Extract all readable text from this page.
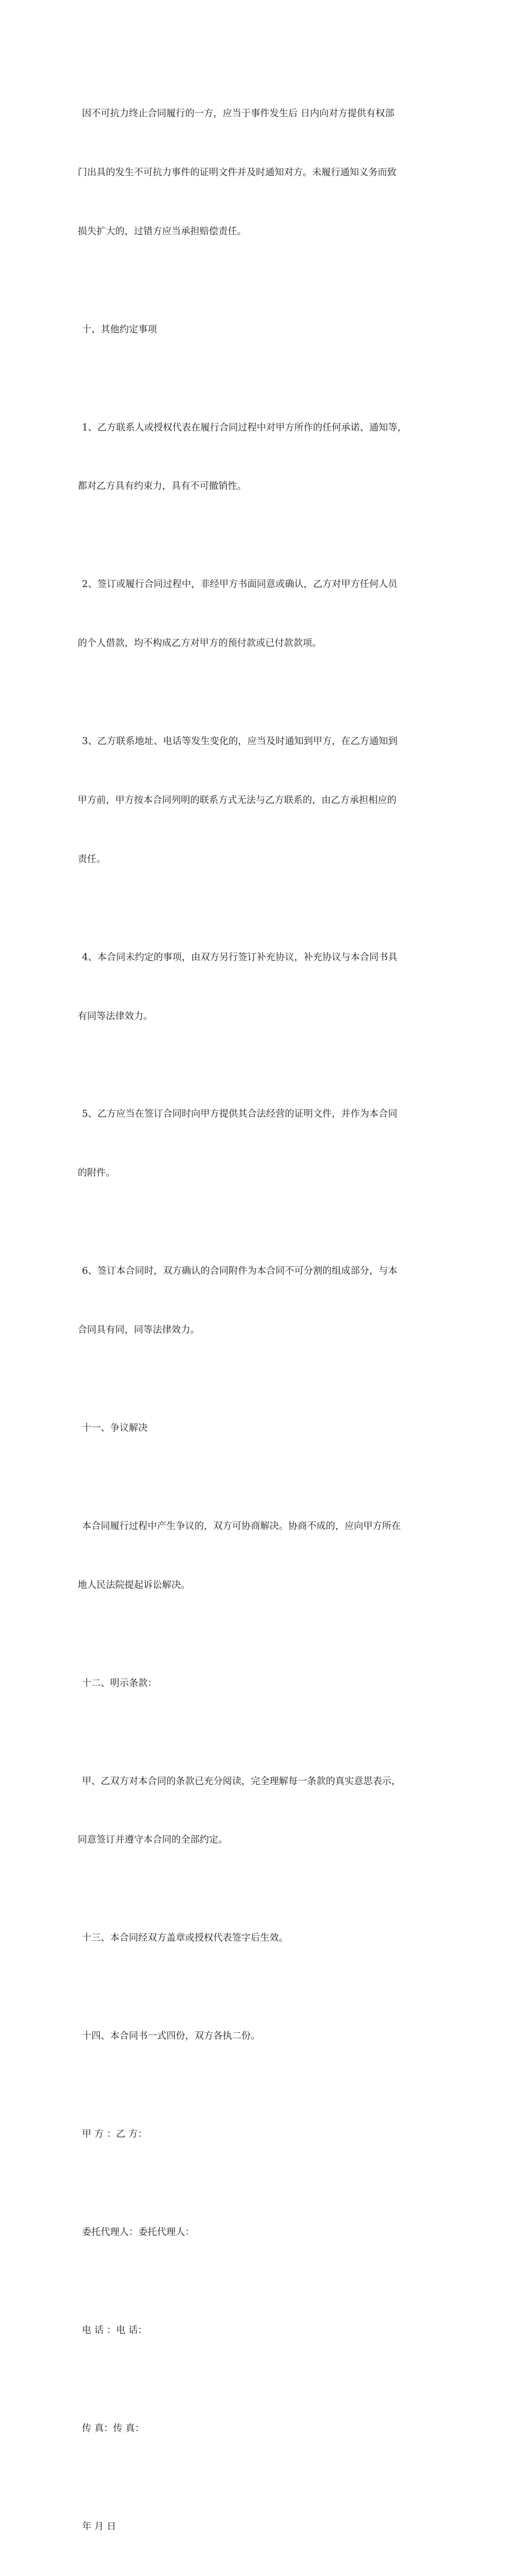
因不可抗力终止合同履行的一方，应当于事件发生后 日内向对方提供有权部

门出具的发生不可抗力事件的证明文件并及时通知对方。未履行通知义务而致

损失扩大的，过错方应当承担赔偿责任。

十、其他约定事项

1、乙方联系人或授权代表在履行合同过程中对甲方所作的任何承诺、通知等，

都对乙方具有约束力，具有不可撤销性。

2、签订或履行合同过程中，非经甲方书面同意或确认，乙方对甲方任何人员

的个人借款，均不构成乙方对甲方的预付款或已付款款项。

3、乙方联系地址、电话等发生变化的，应当及时通知到甲方，在乙方通知到

甲方前，甲方按本合同列明的联系方式无法与乙方联系的，由乙方承担相应的

责任。

4、本合同未约定的事项，由双方另行签订补充协议，补充协议与本合同书具

有同等法律效力。

5、乙方应当在签订合同时向甲方提供其合法经营的证明文件，并作为本合同

的附件。

6、签订本合同时，双方确认的合同附件为本合同不可分割的组成部分，与本

合同具有同，同等法律效力。

十一、争议解决

本合同履行过程中产生争议的，双方可协商解决。协商不成的，应向甲方所在

地人民法院提起诉讼解决。

十二、明示条款：

甲、乙双方对本合同的条款已充分阅读，完全理解每一条款的真实意思表示，

同意签订并遵守本合同的全部约定。

十三、本合同经双方盖章或授权代表签字后生效。

十四、本合同书一式四份，双方各执二份。

甲 方 ：乙 方：

委托代理人：委托代理人：

电 话 ：电 话：

传 真：传 真：

年 月 日
